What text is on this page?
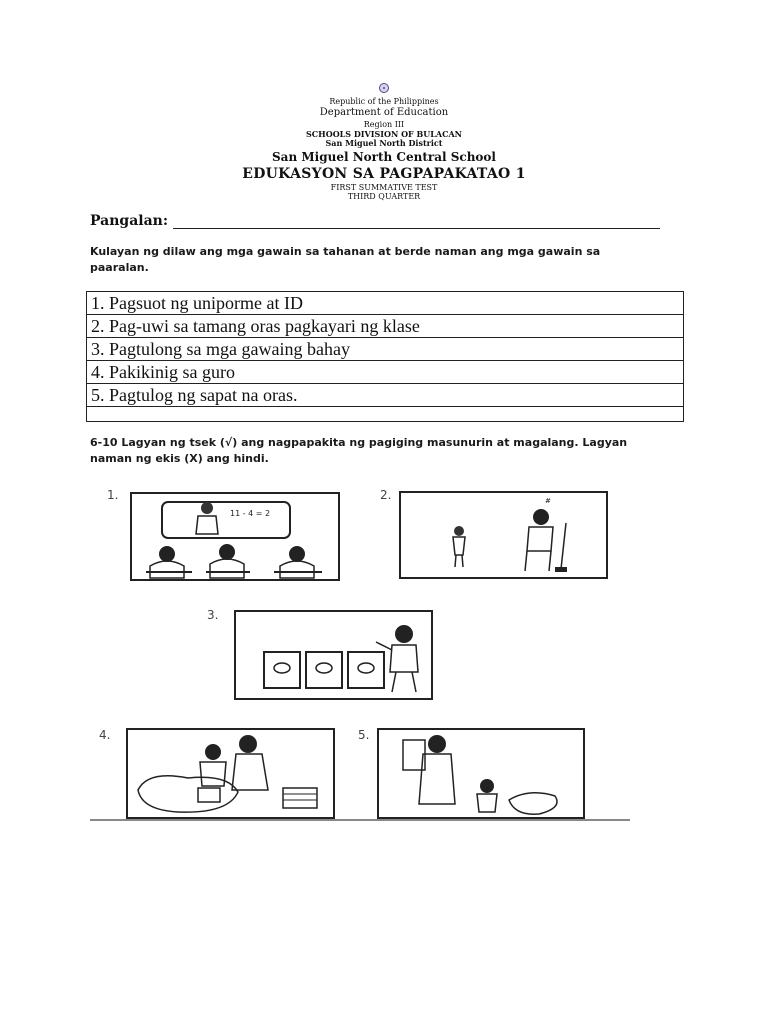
Republic of the Philippines
Department of Education
Region III
SCHOOLS DIVISION OF BULACAN
San Miguel North District
San Miguel North Central School
EDUKASYON SA PAGPAPAKATAO 1
FIRST SUMMATIVE TEST
THIRD QUARTER
Pangalan:
Kulayan ng dilaw ang mga gawain sa tahanan at berde naman ang mga gawain sa paaralan.
1. Pagsuot ng uniporme at ID
2. Pag-uwi sa tamang oras pagkayari ng klase
3. Pagtulong sa mga gawaing bahay
4. Pakikinig sa guro
5. Pagtulog ng sapat na oras.

6-10 Lagyan ng tsek (√) ang nagpapakita ng pagiging masunurin at magalang. Lagyan naman ng ekis (X) ang hindi.
1.
11 - 4 = 2
2.	#
3.
4.	5.
